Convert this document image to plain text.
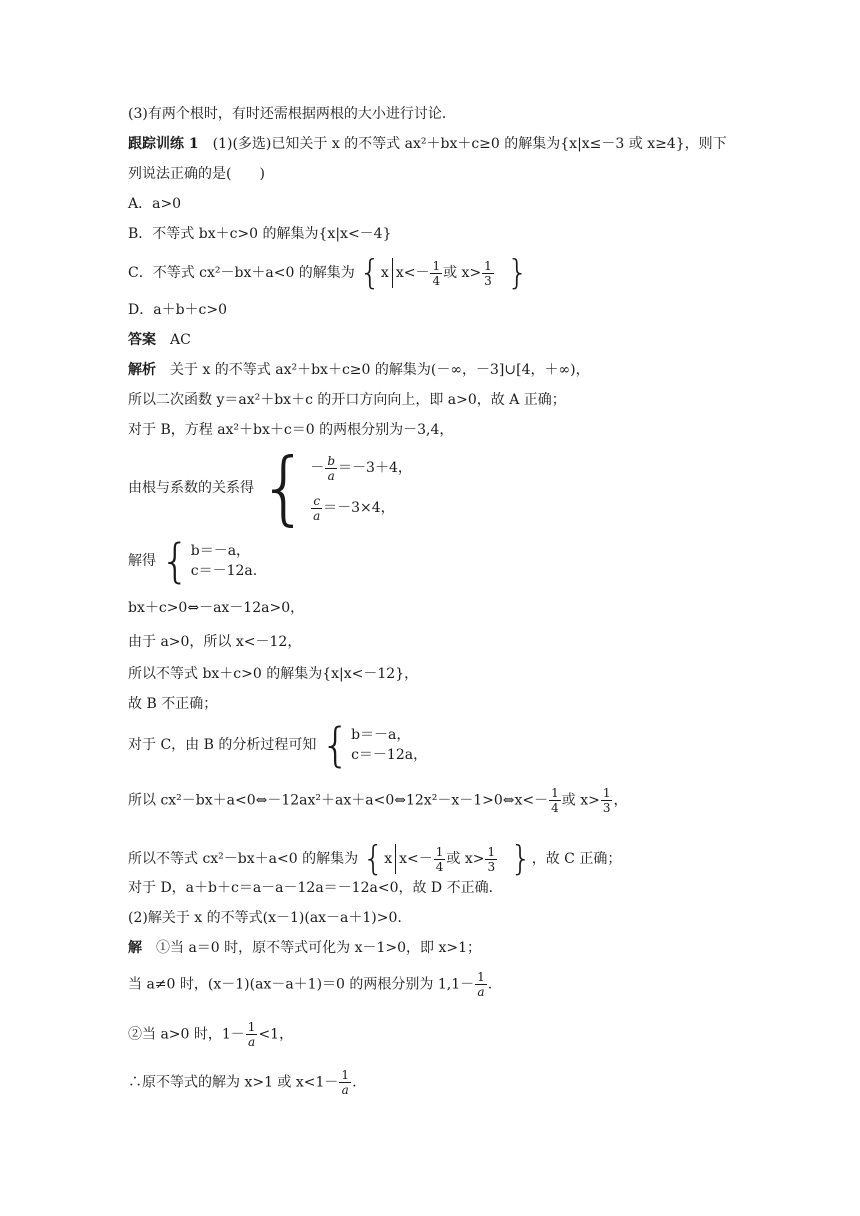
(3)有两个根时，有时还需根据两根的大小进行讨论．
跟踪训练 1 (1)(多选)已知关于 x 的不等式 ax²＋bx＋c≥0 的解集为{x|x≤－3 或 x≥4}，则下
列说法正确的是(　　)
A．a>0
B．不等式 bx＋c>0 的解集为{x|x<－4}
C．不等式 cx²－bx＋a<0 的解集为 { x $x<- \frac{1}{4}$ 或 $x> \frac{1}{3}$ }
D．a＋b＋c>0
答案 AC
解析 关于 x 的不等式 ax²＋bx＋c≥0 的解集为(－∞，－3]∪[4，＋∞)，
所以二次函数 y＝ax²＋bx＋c 的开口方向向上，即 a>0，故 A 正确；
对于 B，方程 ax²＋bx＋c＝0 的两根分别为－3,4，
由根与系数的关系得 { － $\frac{b}{a} =-3+4$，
$\frac{c}{a} =-3\times 4$，
解得 { b＝－a，
c＝－12a.
bx＋c>0⇔－ax－12a>0，
由于 a>0，所以 x<－12，
所以不等式 bx＋c>0 的解集为{x|x<－12}，
故 B 不正确；
对于 C，由 B 的分析过程可知 { b＝－a，
c＝－12a，
所以 cx²－bx＋a<0⇔－12ax²＋ax＋a<0⇔12x²－x－1>0⇔x<－ $\frac{1}{4}$ 或 $x> \frac{1}{3}$ ，
所以不等式 cx²－bx＋a<0 的解集为 { x $x<- \frac{1}{4}$ 或 $x> \frac{1}{3}$ } ，故 C 正确；
对于 D，a＋b＋c＝a－a－12a＝－12a<0，故 D 不正确．
(2)解关于 x 的不等式(x－1)(ax－a＋1)>0.
解 ①当 a＝0 时，原不等式可化为 x－1>0，即 x>1；
当 a≠0 时，(x－1)(ax－a＋1)＝0 的两根分别为 $1,1- \frac{1}{a}$ .
②当 a>0 时，$1- \frac{1}{a} <1$，
∴原不等式的解为 x>1 或 $x<1- \frac{1}{a}$ .
